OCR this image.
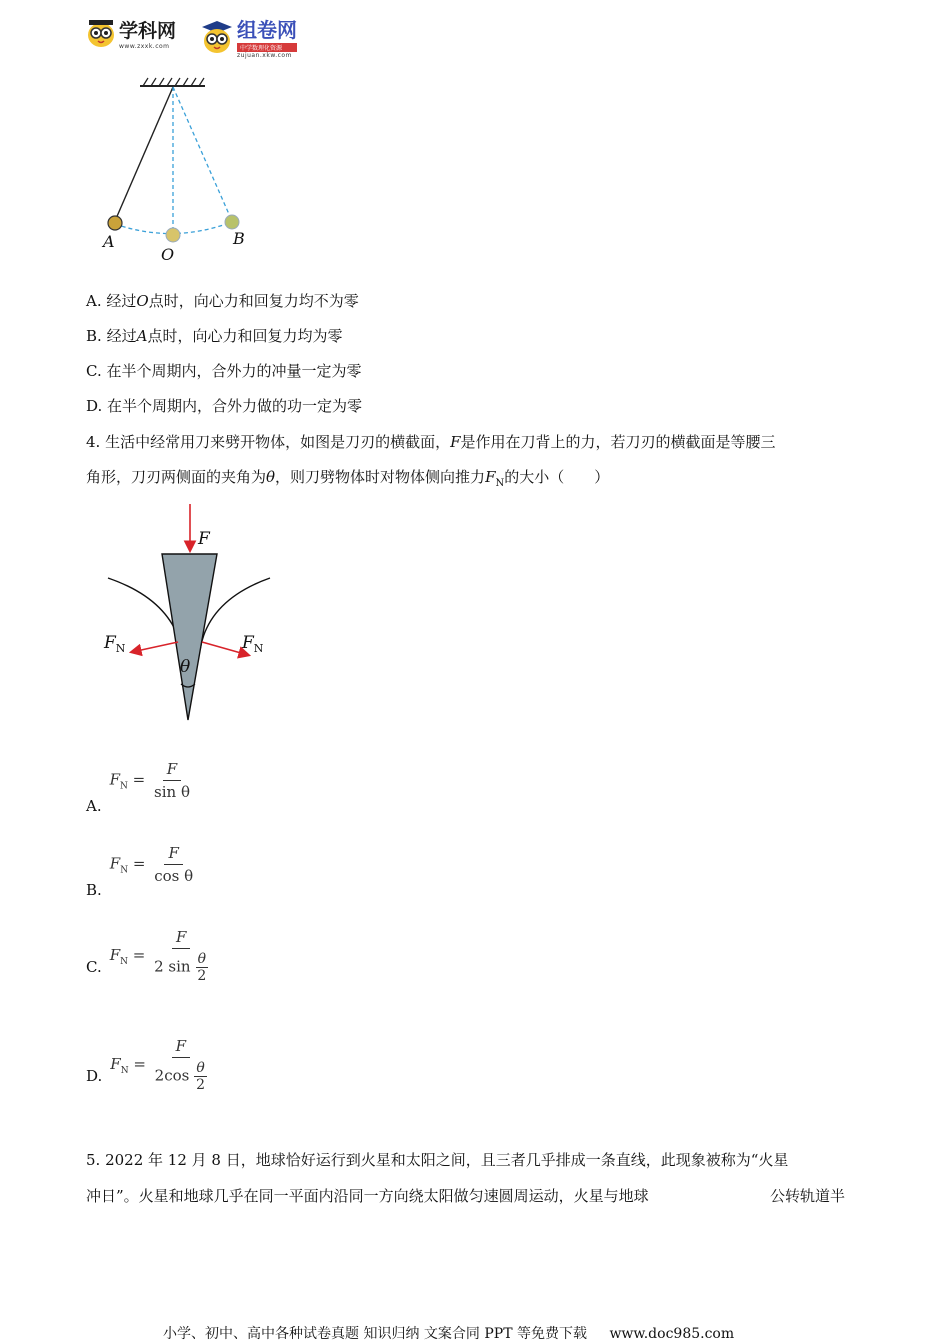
学科网
www.zxxk.com
组卷网
中学数理化资源
zujuan.xkw.com
A
O
B
A. 经过O点时，向心力和回复力均不为零
B. 经过A点时，向心力和回复力均为零
C. 在半个周期内，合外力的冲量一定为零
D. 在半个周期内，合外力做的功一定为零
4. 生活中经常用刀来劈开物体，如图是刀刃的横截面，F是作用在刀背上的力，若刀刃的横截面是等腰三
角形，刀刃两侧面的夹角为θ，则刀劈物体时对物体侧向推力$F_N$的大小（　　）
F
$F_N$	$F_N$
θ
A.
$F_N = \frac{F}{\text{sin θ}}$
B.
$F_N = \frac{F}{\text{cos θ}}$
C.
$F_N = \frac{F}{2 \sin \frac{\theta}{2}}$
D.
$F_N = \frac{F}{2\cos \frac{\theta}{2}}$
5. 2022 年 12 月 8 日，地球恰好运行到火星和太阳之间，且三者几乎排成一条直线，此现象被称为“火星
冲日”。火星和地球几乎在同一平面内沿同一方向绕太阳做匀速圆周运动，火星与地球	公转轨道半
小学、初中、高中各种试卷真题 知识归纳 文案合同 PPT 等免费下载 www.doc985.com
